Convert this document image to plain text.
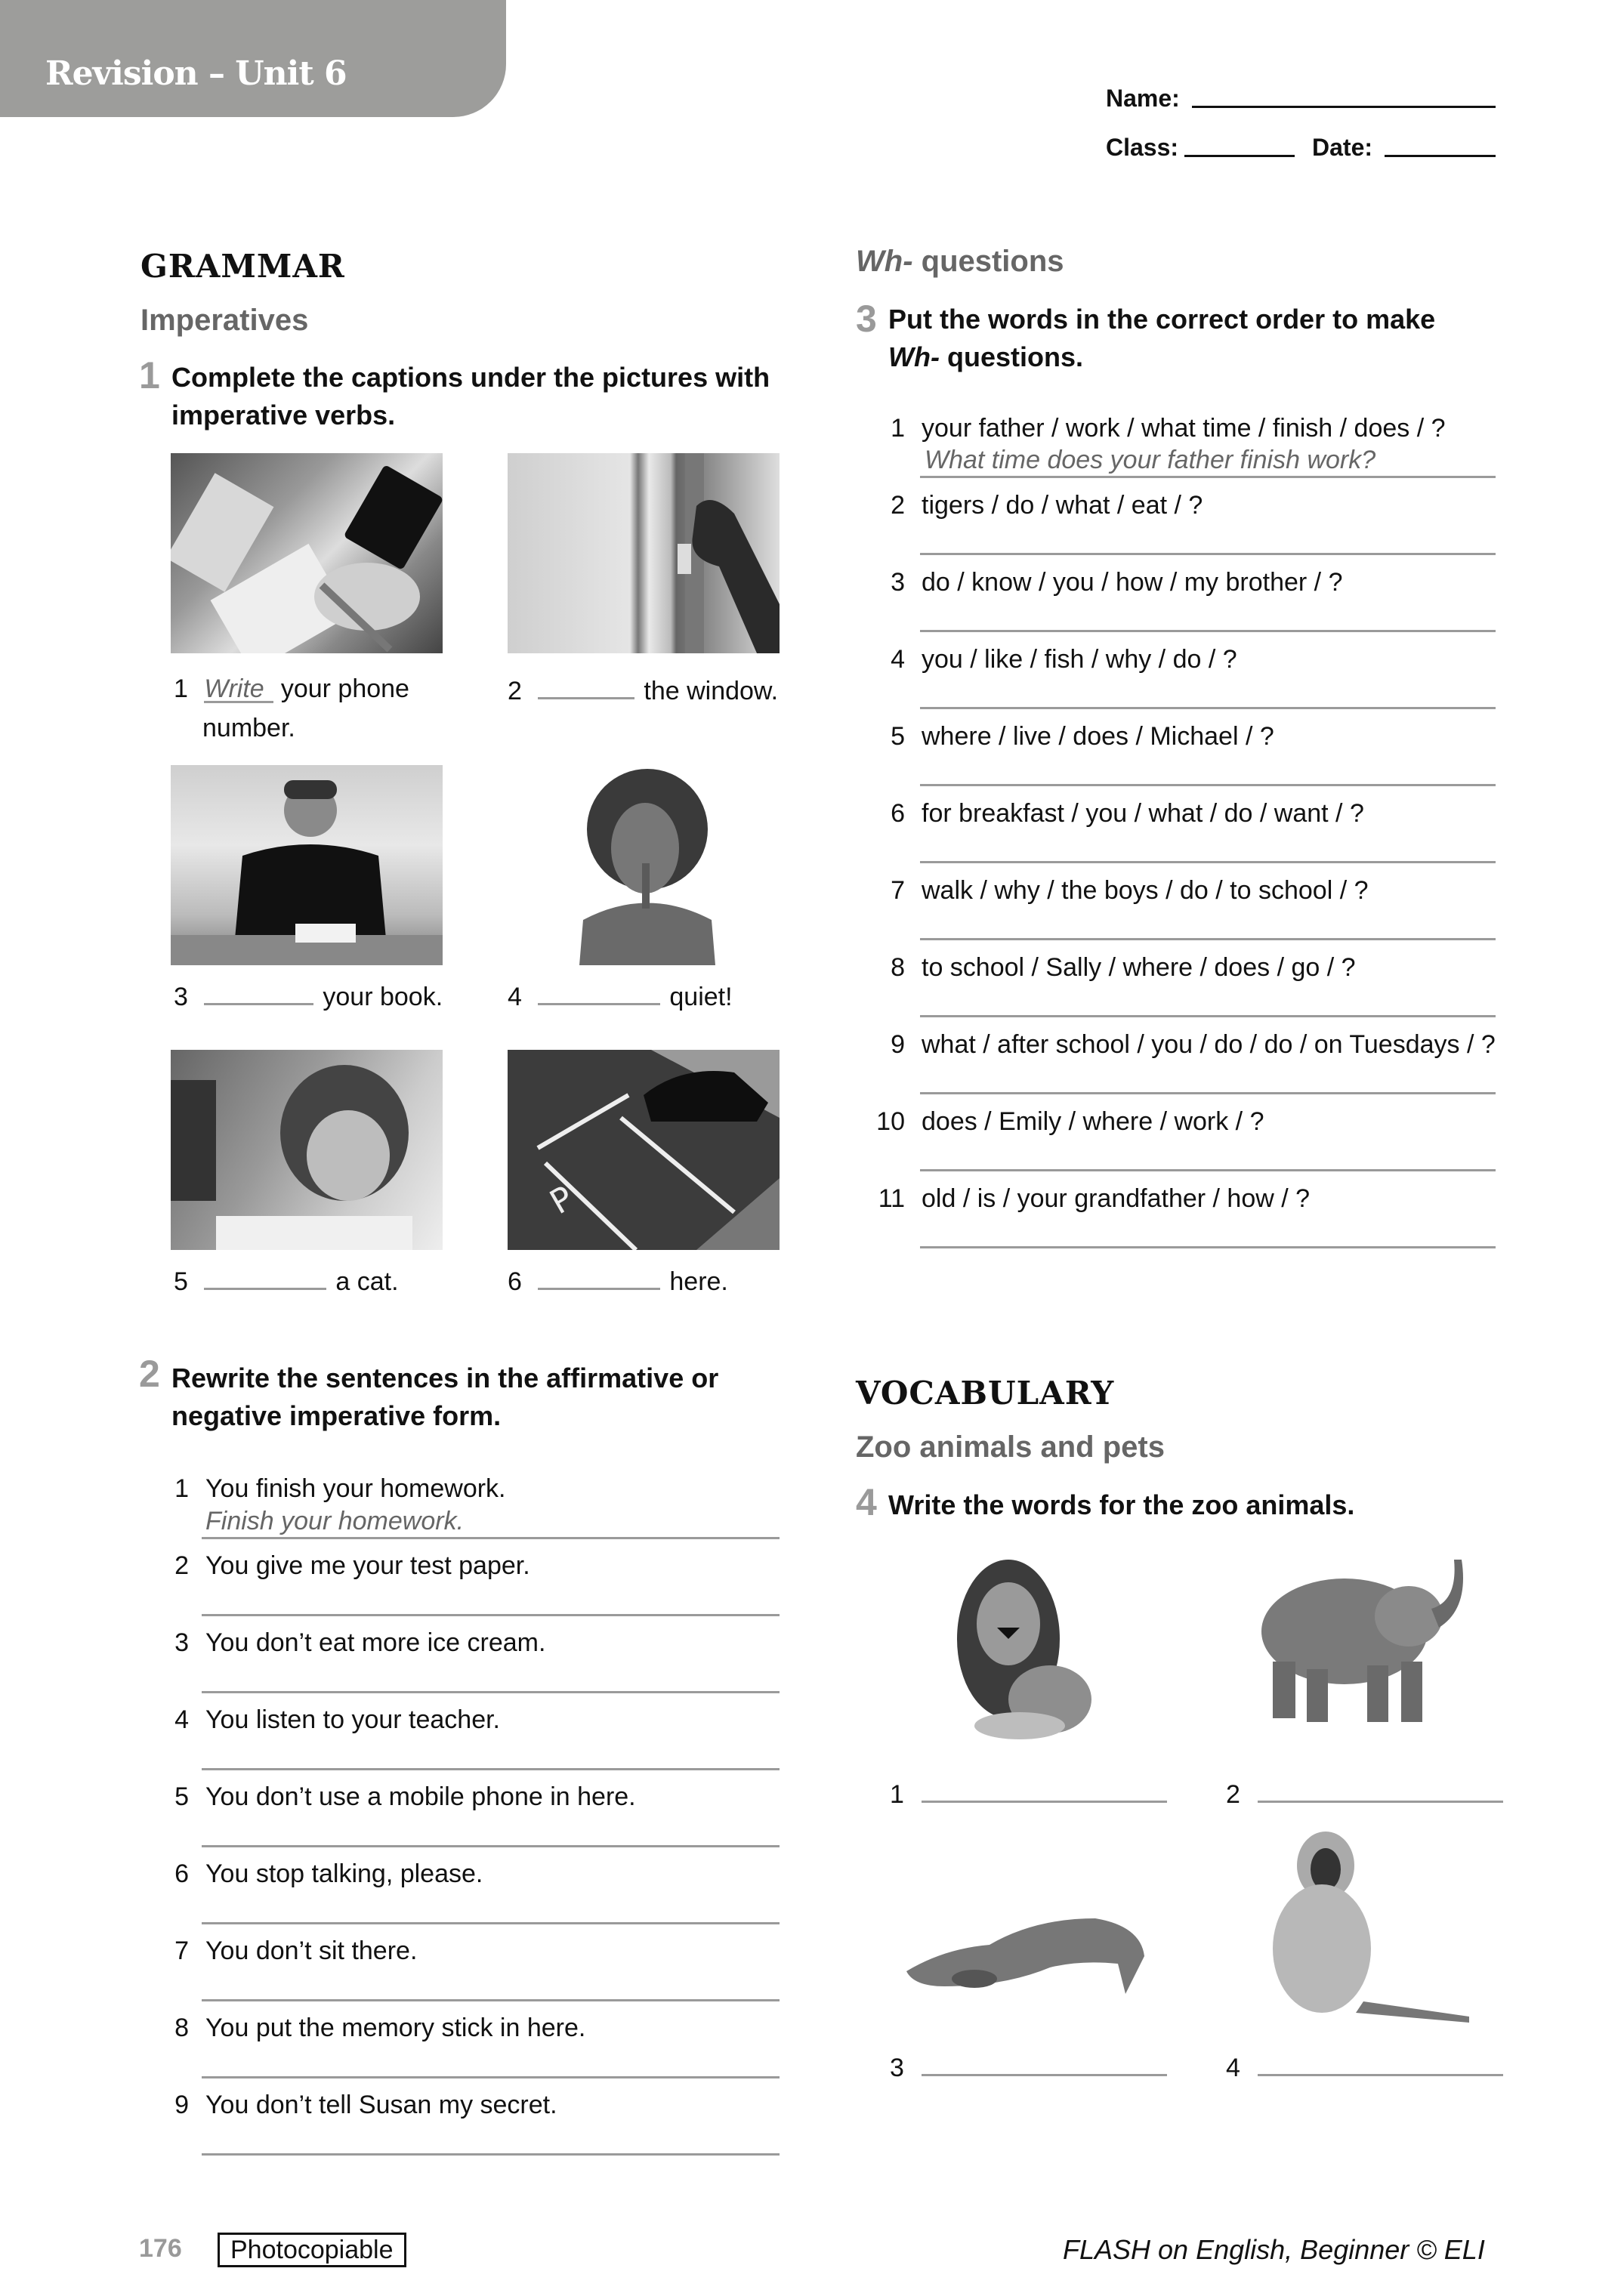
Revision – Unit 6
Name:
Class:	Date:
GRAMMAR
Imperatives
1 Complete the captions under the pictures with
imperative verbs.
1 Write your phone
number.
2	the window.
3	your book.	4	quiet!
P
5	a cat.	6	here.
2 Rewrite the sentences in the affirmative or
negative imperative form.
1 You finish your homework.
Finish your homework.
2 You give me your test paper.
3 You don’t eat more ice cream.
4 You listen to your teacher.
5 You don’t use a mobile phone in here.
6 You stop talking, please.
7 You don’t sit there.
8 You put the memory stick in here.
9 You don’t tell Susan my secret.
Wh- questions
3 Put the words in the correct order to make
Wh- questions.
1 your father / work / what time / finish / does / ?
What time does your father finish work?
2 tigers / do / what / eat / ?
3 do / know / you / how / my brother / ?
4 you / like / fish / why / do / ?
5 where / live / does / Michael / ?
6 for breakfast / you / what / do / want / ?
7 walk / why / the boys / do / to school / ?
8 to school / Sally / where / does / go / ?
9 what / after school / you / do / do / on Tuesdays / ?
10 does / Emily / where / work / ?
11 old / is / your grandfather / how / ?
VOCABULARY
Zoo animals and pets
4 Write the words for the zoo animals.
1	2
3	4
176	Photocopiable	FLASH on English, Beginner © ELI
